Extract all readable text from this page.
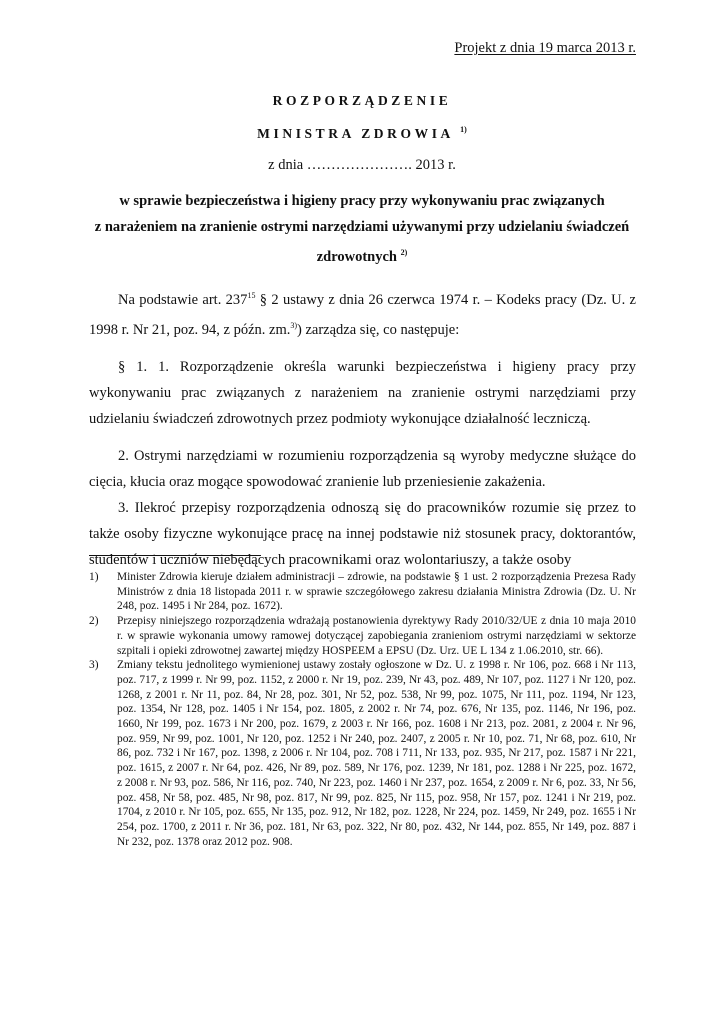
Projekt z dnia 19 marca 2013 r.
ROZPORZĄDZENIE
MINISTRA ZDROWIA $^{1)}$
z dnia …………………. 2013 r.
w sprawie bezpieczeństwa i higieny pracy przy wykonywaniu prac związanych
z narażeniem na zranienie ostrymi narzędziami używanymi przy udzielaniu świadczeń
zdrowotnych $^{2)}$

Na podstawie art. $237^{15}$ § 2 ustawy z dnia 26 czerwca 1974 r. – Kodeks pracy (Dz. U. z 1998 r. Nr 21, poz. 94, z późn. zm.$^{3)}$) zarządza się, co następuje:

§ 1. 1. Rozporządzenie określa warunki bezpieczeństwa i higieny pracy przy wykonywaniu prac związanych z narażeniem na zranienie ostrymi narzędziami przy udzielaniu świadczeń zdrowotnych przez podmioty wykonujące działalność leczniczą.

2. Ostrymi narzędziami w rozumieniu rozporządzenia są wyroby medyczne służące do cięcia, kłucia oraz mogące spowodować zranienie lub przeniesienie zakażenia.

3. Ilekroć przepisy rozporządzenia odnoszą się do pracowników rozumie się przez to także osoby fizyczne wykonujące pracę na innej podstawie niż stosunek pracy, doktorantów, studentów i uczniów niebędących pracownikami oraz wolontariuszy, a także osoby

1) Minister Zdrowia kieruje działem administracji – zdrowie, na podstawie § 1 ust. 2 rozporządzenia Prezesa Rady Ministrów z dnia 18 listopada 2011 r. w sprawie szczegółowego zakresu działania Ministra Zdrowia (Dz. U. Nr 248, poz. 1495 i Nr 284, poz. 1672).
2) Przepisy niniejszego rozporządzenia wdrażają postanowienia dyrektywy Rady 2010/32/UE z dnia 10 maja 2010 r. w sprawie wykonania umowy ramowej dotyczącej zapobiegania zranieniom ostrymi narzędziami w sektorze szpitali i opieki zdrowotnej zawartej między HOSPEEM a EPSU (Dz. Urz. UE L 134 z 1.06.2010, str. 66).
3) Zmiany tekstu jednolitego wymienionej ustawy zostały ogłoszone w Dz. U. z 1998 r. Nr 106, poz. 668 i Nr 113, poz. 717, z 1999 r. Nr 99, poz. 1152, z 2000 r. Nr 19, poz. 239, Nr 43, poz. 489, Nr 107, poz. 1127 i Nr 120, poz. 1268, z 2001 r. Nr 11, poz. 84, Nr 28, poz. 301, Nr 52, poz. 538, Nr 99, poz. 1075, Nr 111, poz. 1194, Nr 123, poz. 1354, Nr 128, poz. 1405 i Nr 154, poz. 1805, z 2002 r. Nr 74, poz. 676, Nr 135, poz. 1146, Nr 196, poz. 1660, Nr 199, poz. 1673 i Nr 200, poz. 1679, z 2003 r. Nr 166, poz. 1608 i Nr 213, poz. 2081, z 2004 r. Nr 96, poz. 959, Nr 99, poz. 1001, Nr 120, poz. 1252 i Nr 240, poz. 2407, z 2005 r. Nr 10, poz. 71, Nr 68, poz. 610, Nr 86, poz. 732 i Nr 167, poz. 1398, z 2006 r. Nr 104, poz. 708 i 711, Nr 133, poz. 935, Nr 217, poz. 1587 i Nr 221, poz. 1615, z 2007 r. Nr 64, poz. 426, Nr 89, poz. 589, Nr 176, poz. 1239, Nr 181, poz. 1288 i Nr 225, poz. 1672, z 2008 r. Nr 93, poz. 586, Nr 116, poz. 740, Nr 223, poz. 1460 i Nr 237, poz. 1654, z 2009 r. Nr 6, poz. 33, Nr 56, poz. 458, Nr 58, poz. 485, Nr 98, poz. 817, Nr 99, poz. 825, Nr 115, poz. 958, Nr 157, poz. 1241 i Nr 219, poz. 1704, z 2010 r. Nr 105, poz. 655, Nr 135, poz. 912, Nr 182, poz. 1228, Nr 224, poz. 1459, Nr 249, poz. 1655 i Nr 254, poz. 1700, z 2011 r. Nr 36, poz. 181, Nr 63, poz. 322, Nr 80, poz. 432, Nr 144, poz. 855, Nr 149, poz. 887 i Nr 232, poz. 1378 oraz 2012 poz. 908.
